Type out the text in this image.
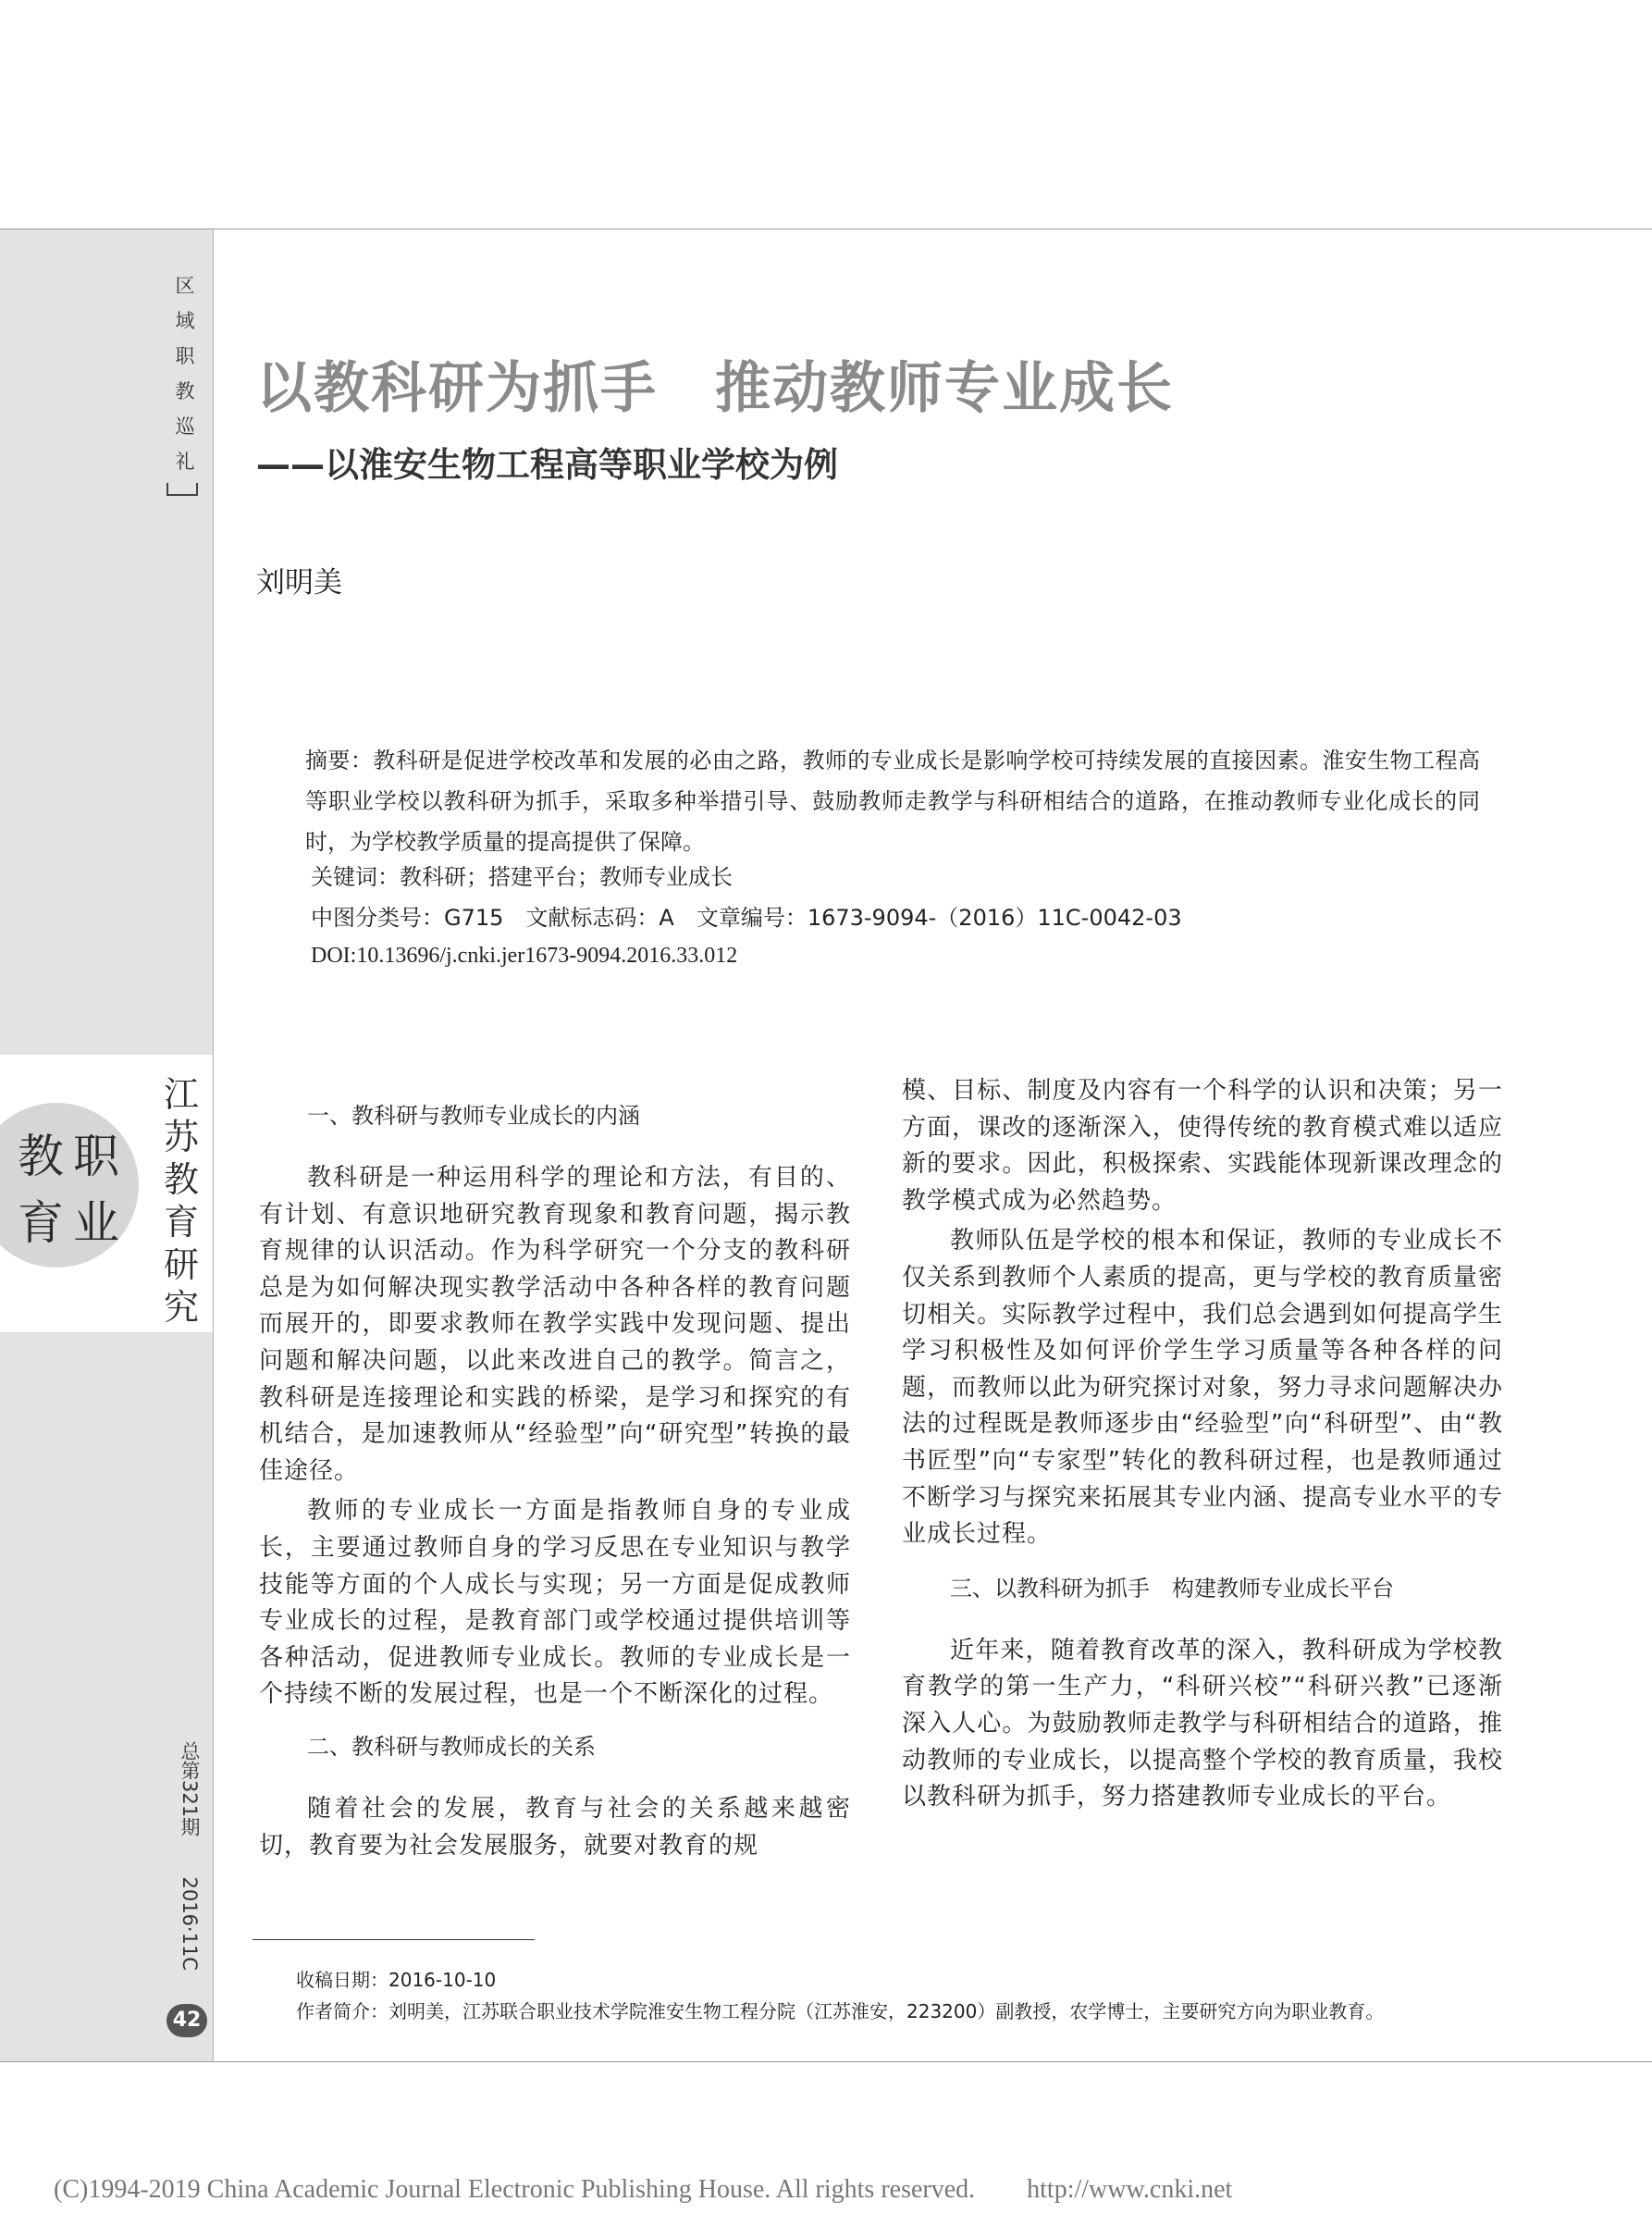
区
域
职
教
巡
礼
教 职
育 业
江
苏
教
育
研
究
总第321期  2016·11C
42
以教科研为抓手　推动教师专业成长
——以淮安生物工程高等职业学校为例
刘明美

摘要：教科研是促进学校改革和发展的必由之路，教师的专业成长是影响学校可持续发展的直接因素。淮安生物工程高等职业学校以教科研为抓手，采取多种举措引导、鼓励教师走教学与科研相结合的道路，在推动教师专业化成长的同时，为学校教学质量的提高提供了保障。

关键词：教科研；搭建平台；教师专业成长
中图分类号：G715　文献标志码：A　文章编号：1673-9094-（2016）11C-0042-03
DOI:10.13696/j.cnki.jer1673-9094.2016.33.012
一、教科研与教师专业成长的内涵

教科研是一种运用科学的理论和方法，有目的、有计划、有意识地研究教育现象和教育问题，揭示教育规律的认识活动。作为科学研究一个分支的教科研总是为如何解决现实教学活动中各种各样的教育问题而展开的，即要求教师在教学实践中发现问题、提出问题和解决问题，以此来改进自己的教学。简言之，教科研是连接理论和实践的桥梁，是学习和探究的有机结合，是加速教师从“经验型”向“研究型”转换的最佳途径。

教师的专业成长一方面是指教师自身的专业成长，主要通过教师自身的学习反思在专业知识与教学技能等方面的个人成长与实现；另一方面是促成教师专业成长的过程，是教育部门或学校通过提供培训等各种活动，促进教师专业成长。教师的专业成长是一个持续不断的发展过程，也是一个不断深化的过程。

二、教科研与教师成长的关系

随着社会的发展，教育与社会的关系越来越密切，教育要为社会发展服务，就要对教育的规

模、目标、制度及内容有一个科学的认识和决策；另一方面，课改的逐渐深入，使得传统的教育模式难以适应新的要求。因此，积极探索、实践能体现新课改理念的教学模式成为必然趋势。

教师队伍是学校的根本和保证，教师的专业成长不仅关系到教师个人素质的提高，更与学校的教育质量密切相关。实际教学过程中，我们总会遇到如何提高学生学习积极性及如何评价学生学习质量等各种各样的问题，而教师以此为研究探讨对象，努力寻求问题解决办法的过程既是教师逐步由“经验型”向“科研型”、由“教书匠型”向“专家型”转化的教科研过程，也是教师通过不断学习与探究来拓展其专业内涵、提高专业水平的专业成长过程。

三、以教科研为抓手　构建教师专业成长平台

近年来，随着教育改革的深入，教科研成为学校教育教学的第一生产力，“科研兴校”“科研兴教”已逐渐深入人心。为鼓励教师走教学与科研相结合的道路，推动教师的专业成长，以提高整个学校的教育质量，我校以教科研为抓手，努力搭建教师专业成长的平台。

收稿日期：2016-10-10
作者简介：刘明美，江苏联合职业技术学院淮安生物工程分院（江苏淮安，223200）副教授，农学博士，主要研究方向为职业教育。
(C)1994-2019 China Academic Journal Electronic Publishing House. All rights reserved.　　http://www.cnki.net
